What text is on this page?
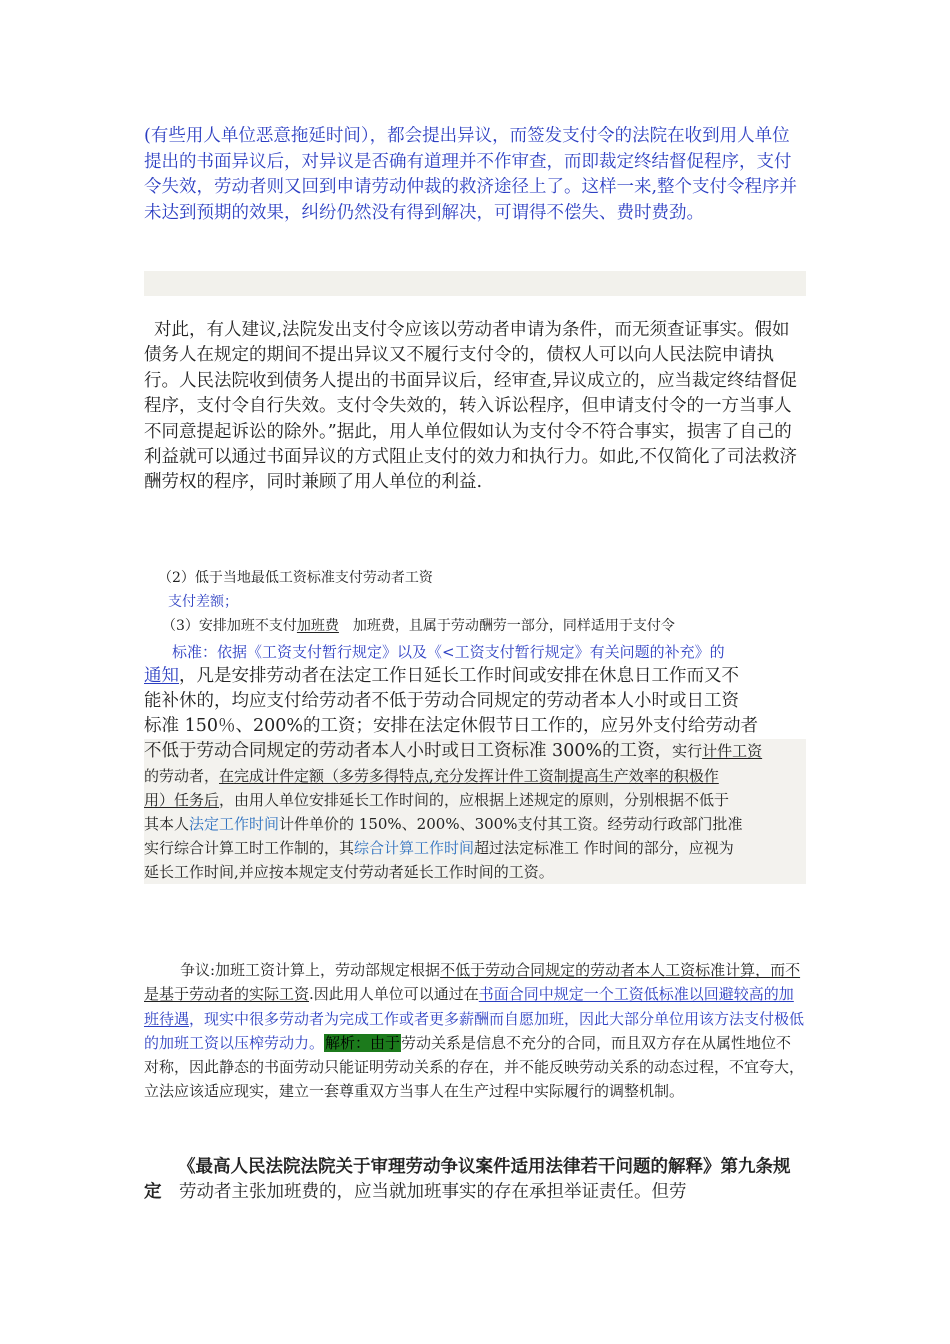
(有些用人单位恶意拖延时间），都会提出异议，而签发支付令的法院在收到用人单位提出的书面异议后，对异议是否确有道理并不作审查，而即裁定终结督促程序，支付令失效，劳动者则又回到申请劳动仲裁的救济途径上了。这样一来,整个支付令程序并未达到预期的效果，纠纷仍然没有得到解决，可谓得不偿失、费时费劲。
对此，有人建议,法院发出支付令应该以劳动者申请为条件，而无须查证事实。假如债务人在规定的期间不提出异议又不履行支付令的，债权人可以向人民法院申请执行。人民法院收到债务人提出的书面异议后，经审查,异议成立的，应当裁定终结督促程序，支付令自行失效。支付令失效的，转入诉讼程序，但申请支付令的一方当事人不同意提起诉讼的除外。”据此，用人单位假如认为支付令不符合事实，损害了自己的利益就可以通过书面异议的方式阻止支付的效力和执行力。如此,不仅简化了司法救济酬劳权的程序，同时兼顾了用人单位的利益.
（2）低于当地最低工资标准支付劳动者工资
支付差额；
（3）安排加班不支付加班费　加班费，且属于劳动酬劳一部分，同样适用于支付令
标准：依据《工资支付暂行规定》以及《<工资支付暂行规定》有关问题的补充》的
通知，凡是安排劳动者在法定工作日延长工作时间或安排在休息日工作而又不
能补休的，均应支付给劳动者不低于劳动合同规定的劳动者本人小时或日工资
标准 150％、200%的工资；安排在法定休假节日工作的，应另外支付给劳动者
不低于劳动合同规定的劳动者本人小时或日工资标准 300%的工资，实行计件工资
的劳动者，在完成计件定额（多劳多得特点,充分发挥计件工资制提高生产效率的积极作
用）任务后，由用人单位安排延长工作时间的，应根据上述规定的原则，分别根据不低于
其本人法定工作时间计件单价的 150%、200%、300%支付其工资。经劳动行政部门批准
实行综合计算工时工作制的，其综合计算工作时间超过法定标准工 作时间的部分，应视为
延长工作时间,并应按本规定支付劳动者延长工作时间的工资。
争议:加班工资计算上，劳动部规定根据不低于劳动合同规定的劳动者本人工资标准计算，而不是基于劳动者的实际工资.因此用人单位可以通过在书面合同中规定一个工资低标准以回避较高的加班待遇，现实中很多劳动者为完成工作或者更多薪酬而自愿加班，因此大部分单位用该方法支付极低的加班工资以压榨劳动力。解析：由于劳动关系是信息不充分的合同，而且双方存在从属性地位不对称，因此静态的书面劳动只能证明劳动关系的存在，并不能反映劳动关系的动态过程，不宜夸大，立法应该适应现实，建立一套尊重双方当事人在生产过程中实际履行的调整机制。
《最高人民法院法院关于审理劳动争议案件适用法律若干问题的解释》第九条规定　劳动者主张加班费的，应当就加班事实的存在承担举证责任。但劳
